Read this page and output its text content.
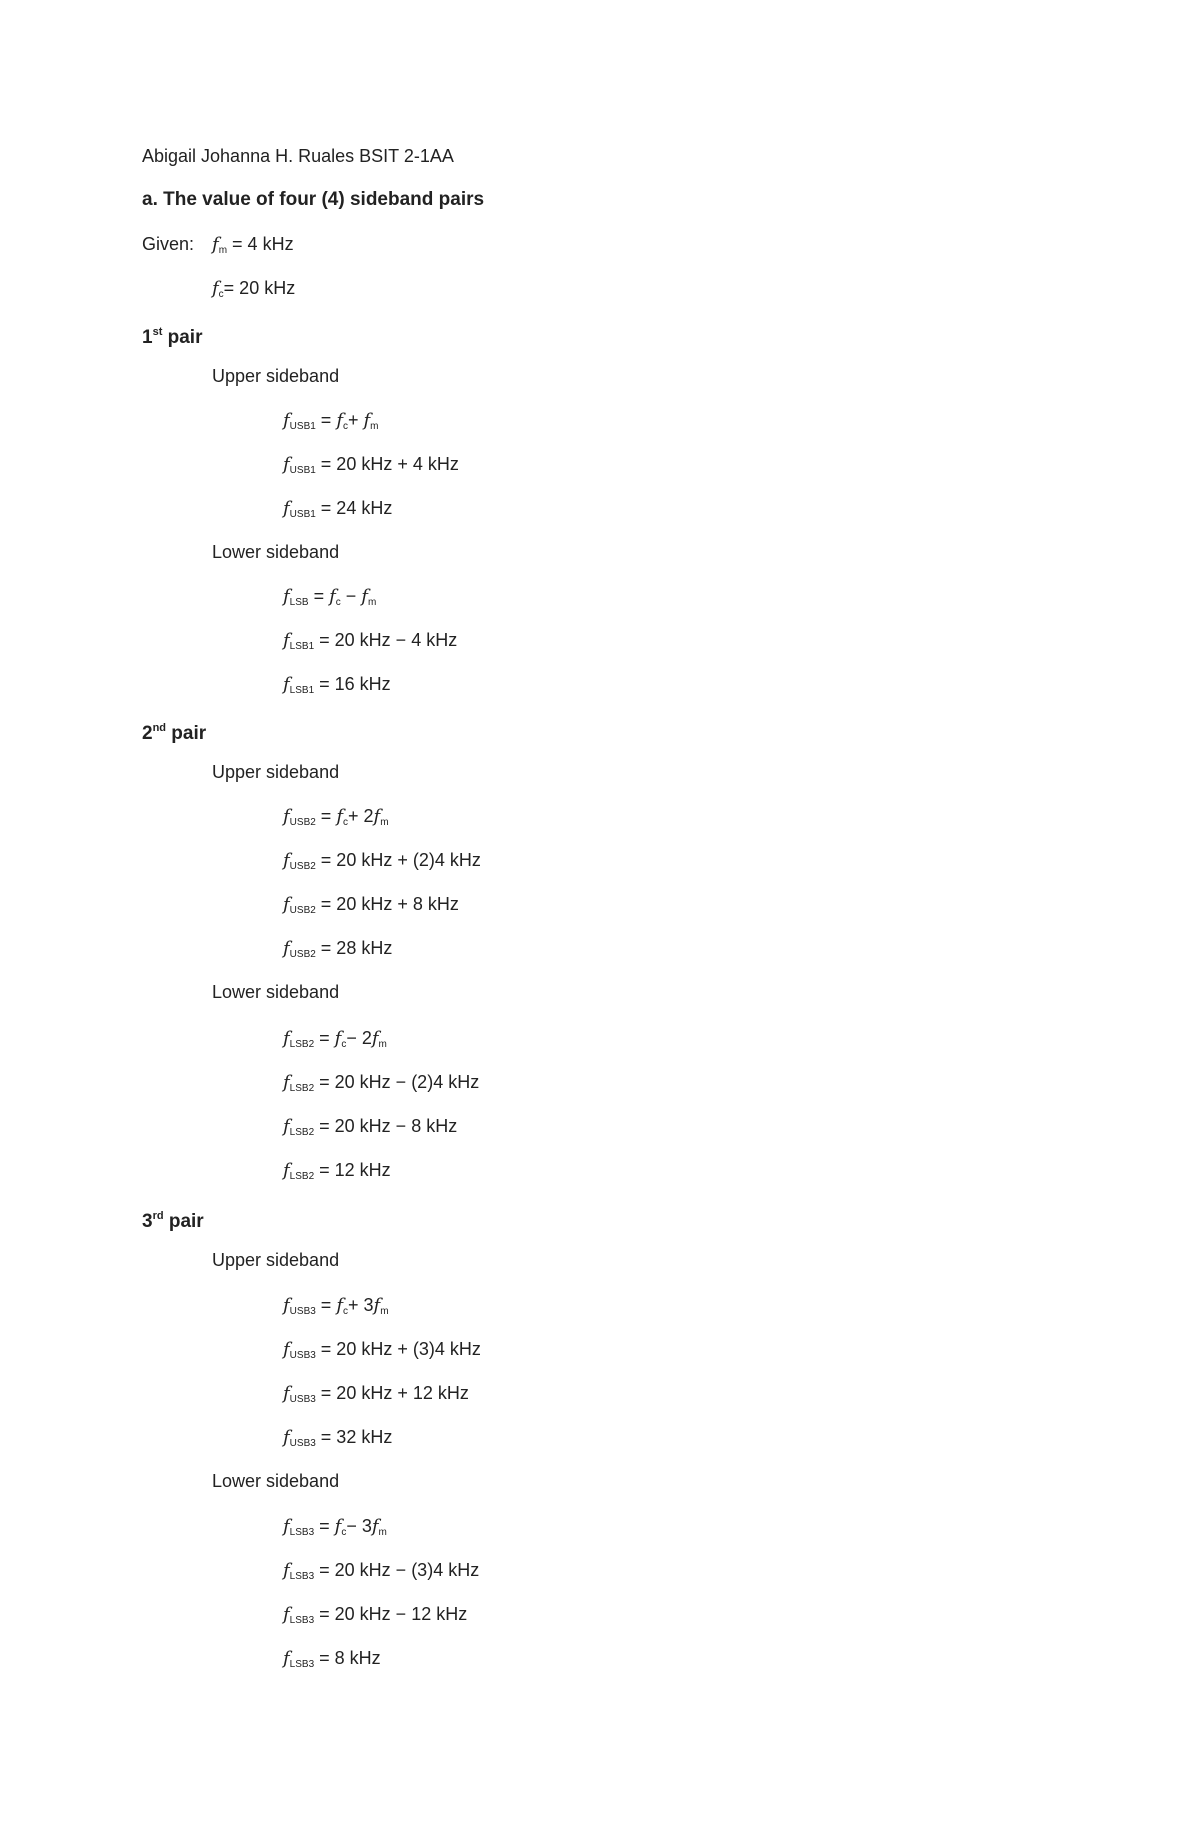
Abigail Johanna H. Ruales BSIT 2-1AA
a. The value of four (4) sideband pairs
Given: $f_m = 4$ kHz
$f_c= 20$ kHz
1st pair
Upper sideband
$f_{USB1} = f_c+ f_m$
$f_{USB1} = 20$ kHz + 4 kHz
$f_{USB1} = 24$ kHz
Lower sideband
$f_{LSB} = f_c - f_m$
$f_{LSB1} = 20$ kHz − 4 kHz
$f_{LSB1} = 16$ kHz
2nd pair
Upper sideband
$f_{USB2} = f_c+ 2f_m$
$f_{USB2} = 20$ kHz + (2)4 kHz
$f_{USB2} = 20$ kHz + 8 kHz
$f_{USB2} = 28$ kHz
Lower sideband
$f_{LSB2} = f_c- 2f_m$
$f_{LSB2} = 20$ kHz − (2)4 kHz
$f_{LSB2} = 20$ kHz − 8 kHz
$f_{LSB2} = 12$ kHz
3rd pair
Upper sideband
$f_{USB3} = f_c+ 3f_m$
$f_{USB3} = 20$ kHz + (3)4 kHz
$f_{USB3} = 20$ kHz + 12 kHz
$f_{USB3} = 32$ kHz
Lower sideband
$f_{LSB3} = f_c- 3f_m$
$f_{LSB3} = 20$ kHz − (3)4 kHz
$f_{LSB3} = 20$ kHz − 12 kHz
$f_{LSB3} = 8$ kHz
